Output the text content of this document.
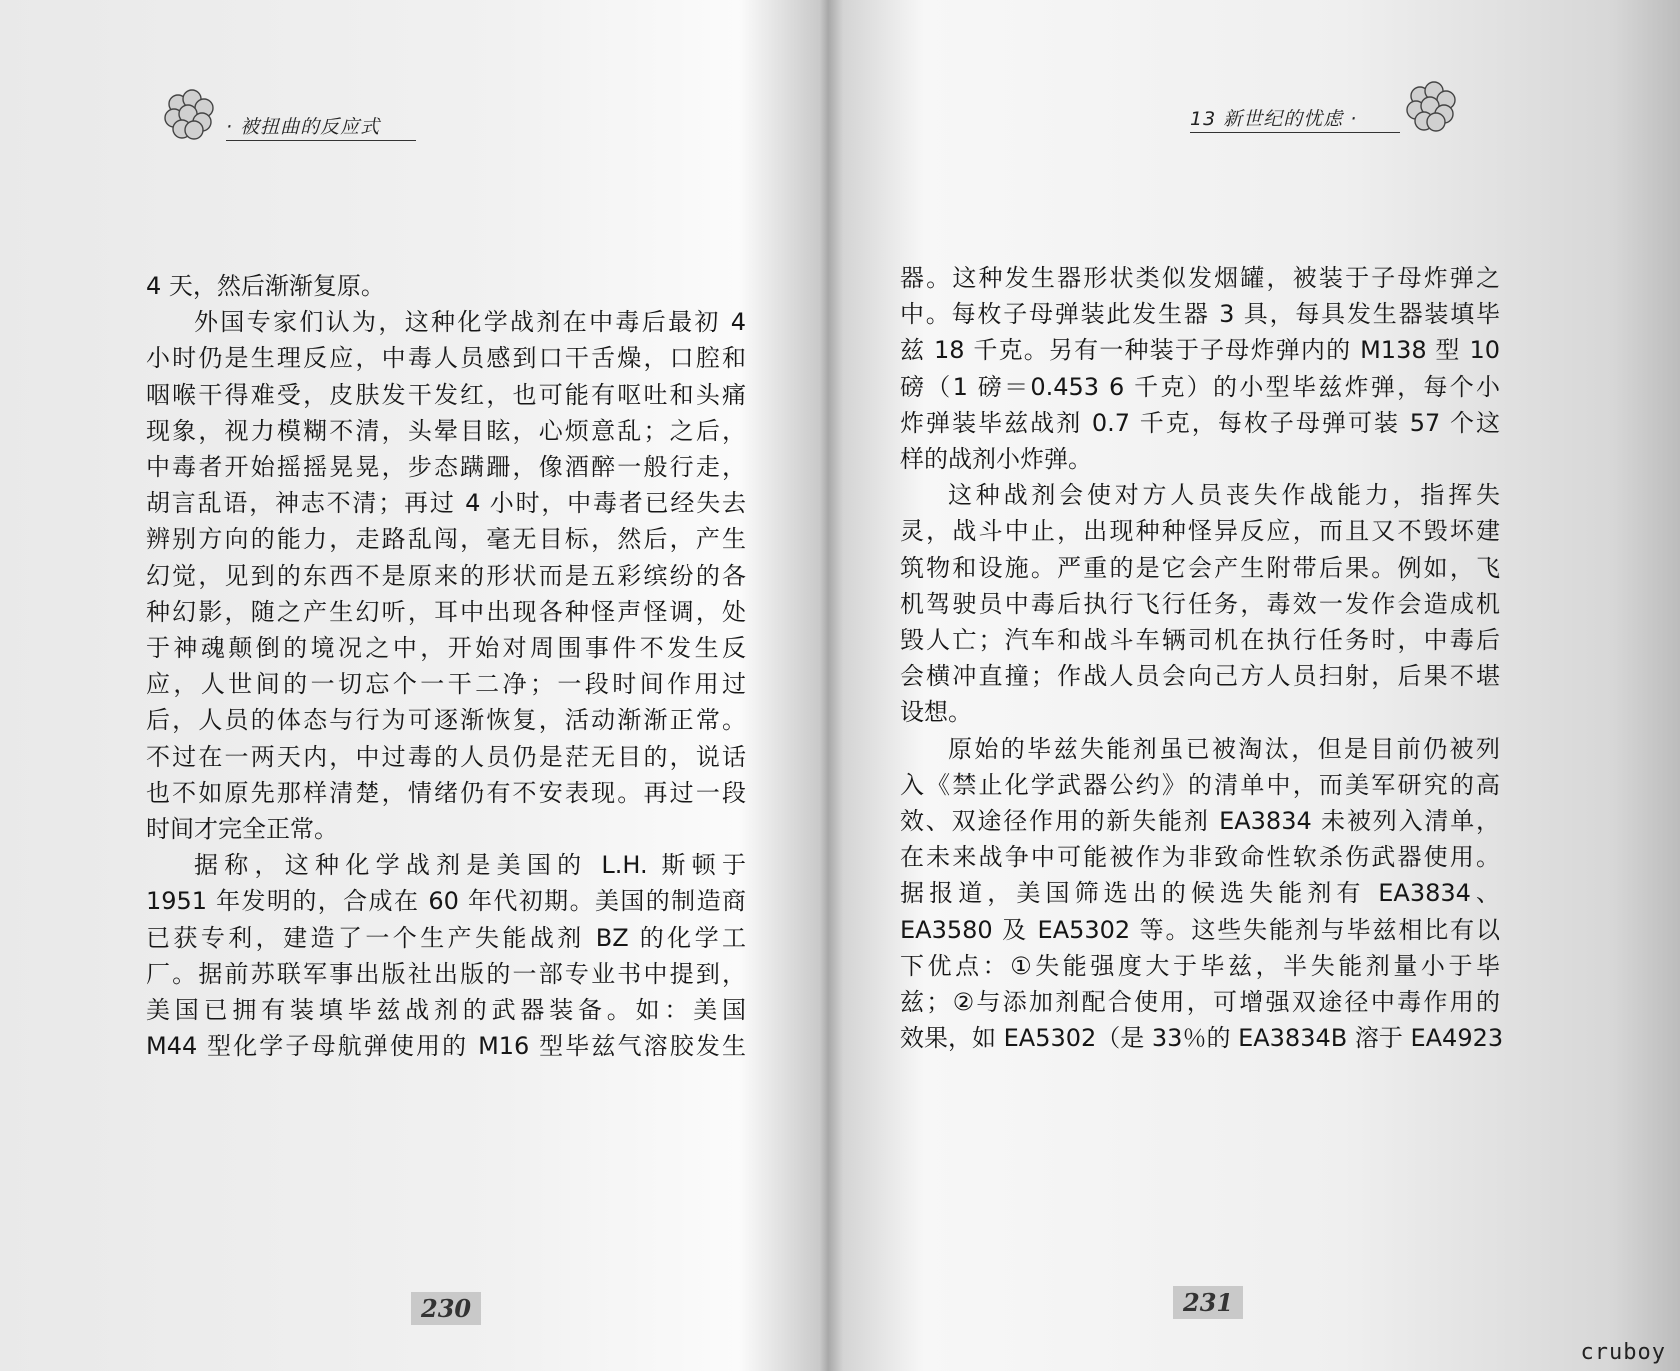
· 被扭曲的反应式
4 天，然后渐渐复原。
外国专家们认为，这种化学战剂在中毒后最初 4
小时仍是生理反应，中毒人员感到口干舌燥，口腔和
咽喉干得难受，皮肤发干发红，也可能有呕吐和头痛
现象，视力模糊不清，头晕目眩，心烦意乱；之后，
中毒者开始摇摇晃晃，步态蹒跚，像酒醉一般行走，
胡言乱语，神志不清；再过 4 小时，中毒者已经失去
辨别方向的能力，走路乱闯，毫无目标，然后，产生
幻觉，见到的东西不是原来的形状而是五彩缤纷的各
种幻影，随之产生幻听，耳中出现各种怪声怪调，处
于神魂颠倒的境况之中，开始对周围事件不发生反
应，人世间的一切忘个一干二净；一段时间作用过
后，人员的体态与行为可逐渐恢复，活动渐渐正常。
不过在一两天内，中过毒的人员仍是茫无目的，说话
也不如原先那样清楚，情绪仍有不安表现。再过一段
时间才完全正常。
据称，这种化学战剂是美国的 L.H. 斯顿于
1951 年发明的，合成在 60 年代初期。美国的制造商
已获专利，建造了一个生产失能战剂 BZ 的化学工
厂。据前苏联军事出版社出版的一部专业书中提到，
美国已拥有装填毕兹战剂的武器装备。如：美国
M44 型化学子母航弹使用的 M16 型毕兹气溶胶发生
230
13 新世纪的忧虑 ·
器。这种发生器形状类似发烟罐，被装于子母炸弹之
中。每枚子母弹装此发生器 3 具，每具发生器装填毕
兹 18 千克。另有一种装于子母炸弹内的 M138 型 10
磅（1 磅＝0.453 6 千克）的小型毕兹炸弹，每个小
炸弹装毕兹战剂 0.7 千克，每枚子母弹可装 57 个这
样的战剂小炸弹。
这种战剂会使对方人员丧失作战能力，指挥失
灵，战斗中止，出现种种怪异反应，而且又不毁坏建
筑物和设施。严重的是它会产生附带后果。例如，飞
机驾驶员中毒后执行飞行任务，毒效一发作会造成机
毁人亡；汽车和战斗车辆司机在执行任务时，中毒后
会横冲直撞；作战人员会向己方人员扫射，后果不堪
设想。
原始的毕兹失能剂虽已被淘汰，但是目前仍被列
入《禁止化学武器公约》的清单中，而美军研究的高
效、双途径作用的新失能剂 EA3834 未被列入清单，
在未来战争中可能被作为非致命性软杀伤武器使用。
据报道，美国筛选出的候选失能剂有 EA3834、
EA3580 及 EA5302 等。这些失能剂与毕兹相比有以
下优点：①失能强度大于毕兹，半失能剂量小于毕
兹；②与添加剂配合使用，可增强双途径中毒作用的
效果，如 EA5302（是 33％的 EA3834B 溶于 EA4923
231
cruboy
